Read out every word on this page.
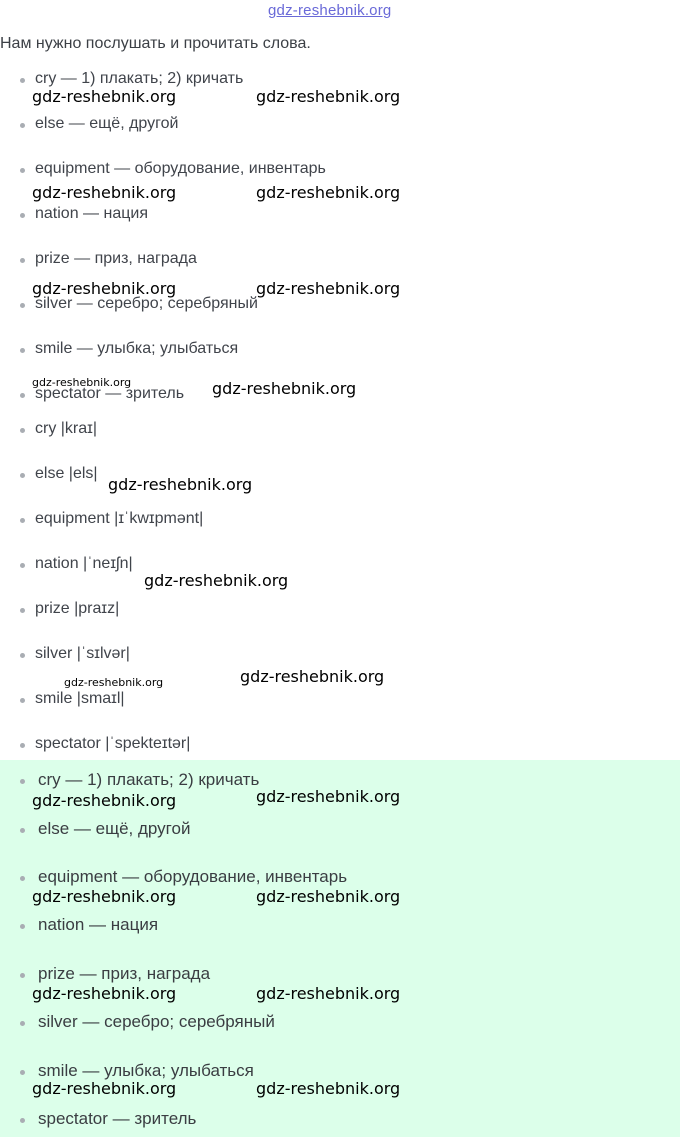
gdz-reshebnik.org
Нам нужно послушать и прочитать слова.
cry — 1) плакать; 2) кричать
else — ещё, другой
equipment — оборудование, инвентарь
nation — нация
prize — приз, награда
silver — серебро; серебряный
smile — улыбка; улыбаться
spectator — зритель
cry |kraɪ|
else |els|
equipment |ɪˈkwɪpmənt|
nation |ˈneɪʃn|
prize |praɪz|
silver |ˈsɪlvər|
smile |smaɪl|
spectator |ˈspekteɪtər|
cry — 1) плакать; 2) кричать
else — ещё, другой
equipment — оборудование, инвентарь
nation — нация
prize — приз, награда
silver — серебро; серебряный
smile — улыбка; улыбаться
spectator — зритель
gdz-reshebnik.org	gdz-reshebnik.org
gdz-reshebnik.org	gdz-reshebnik.org
gdz-reshebnik.org	gdz-reshebnik.org
gdz-reshebnik.org	gdz-reshebnik.org
gdz-reshebnik.org
gdz-reshebnik.org
gdz-reshebnik.org	gdz-reshebnik.org
gdz-reshebnik.org	gdz-reshebnik.org
gdz-reshebnik.org	gdz-reshebnik.org
gdz-reshebnik.org	gdz-reshebnik.org
gdz-reshebnik.org	gdz-reshebnik.org
